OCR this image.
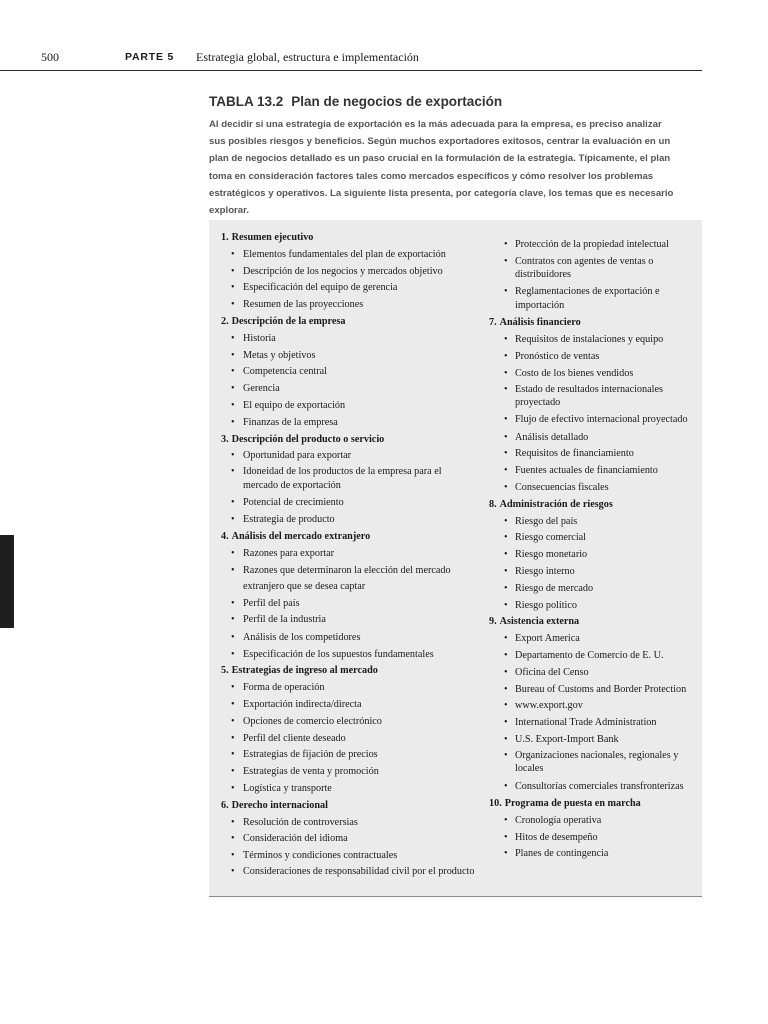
500	PARTE 5 Estrategia global, estructura e implementación
TABLA 13.2 Plan de negocios de exportación
Al decidir si una estrategia de exportación es la más adecuada para la empresa, es preciso analizar sus posibles riesgos y beneficios. Según muchos exportadores exitosos, centrar la evaluación en un plan de negocios detallado es un paso crucial en la formulación de la estrategia. Típicamente, el plan toma en consideración factores tales como mercados específicos y cómo resolver los problemas estratégicos y operativos. La siguiente lista presenta, por categoría clave, los temas que es necesario explorar.
1. Resumen ejecutivo
• Elementos fundamentales del plan de exportación
• Descripción de los negocios y mercados objetivo
• Especificación del equipo de gerencia
• Resumen de las proyecciones
2. Descripción de la empresa
• Historia
• Metas y objetivos
• Competencia central
• Gerencia
• El equipo de exportación
• Finanzas de la empresa
3. Descripción del producto o servicio
• Oportunidad para exportar
• Idoneidad de los productos de la empresa para el mercado de exportación
• Potencial de crecimiento
• Estrategia de producto
4. Análisis del mercado extranjero
• Razones para exportar
• Razones que determinaron la elección del mercado extranjero que se desea captar
• Perfil del país
• Perfil de la industria
• Análisis de los competidores
• Especificación de los supuestos fundamentales
5. Estrategias de ingreso al mercado
• Forma de operación
• Exportación indirecta/directa
• Opciones de comercio electrónico
• Perfil del cliente deseado
• Estrategias de fijación de precios
• Estrategias de venta y promoción
• Logística y transporte
6. Derecho internacional
• Resolución de controversias
• Consideración del idioma
• Términos y condiciones contractuales
• Consideraciones de responsabilidad civil por el producto
• Protección de la propiedad intelectual
• Contratos con agentes de ventas o distribuidores
• Reglamentaciones de exportación e importación
7. Análisis financiero
• Requisitos de instalaciones y equipo
• Pronóstico de ventas
• Costo de los bienes vendidos
• Estado de resultados internacionales proyectado
• Flujo de efectivo internacional proyectado
• Análisis detallado
• Requisitos de financiamiento
• Fuentes actuales de financiamiento
• Consecuencias fiscales
8. Administración de riesgos
• Riesgo del país
• Riesgo comercial
• Riesgo monetario
• Riesgo interno
• Riesgo de mercado
• Riesgo político
9. Asistencia externa
• Export America
• Departamento de Comercio de E. U.
• Oficina del Censo
• Bureau of Customs and Border Protection
• www.export.gov
• International Trade Administration
• U.S. Export-Import Bank
• Organizaciones nacionales, regionales y locales
• Consultorías comerciales transfronterizas
10. Programa de puesta en marcha
• Cronología operativa
• Hitos de desempeño
• Planes de contingencia
